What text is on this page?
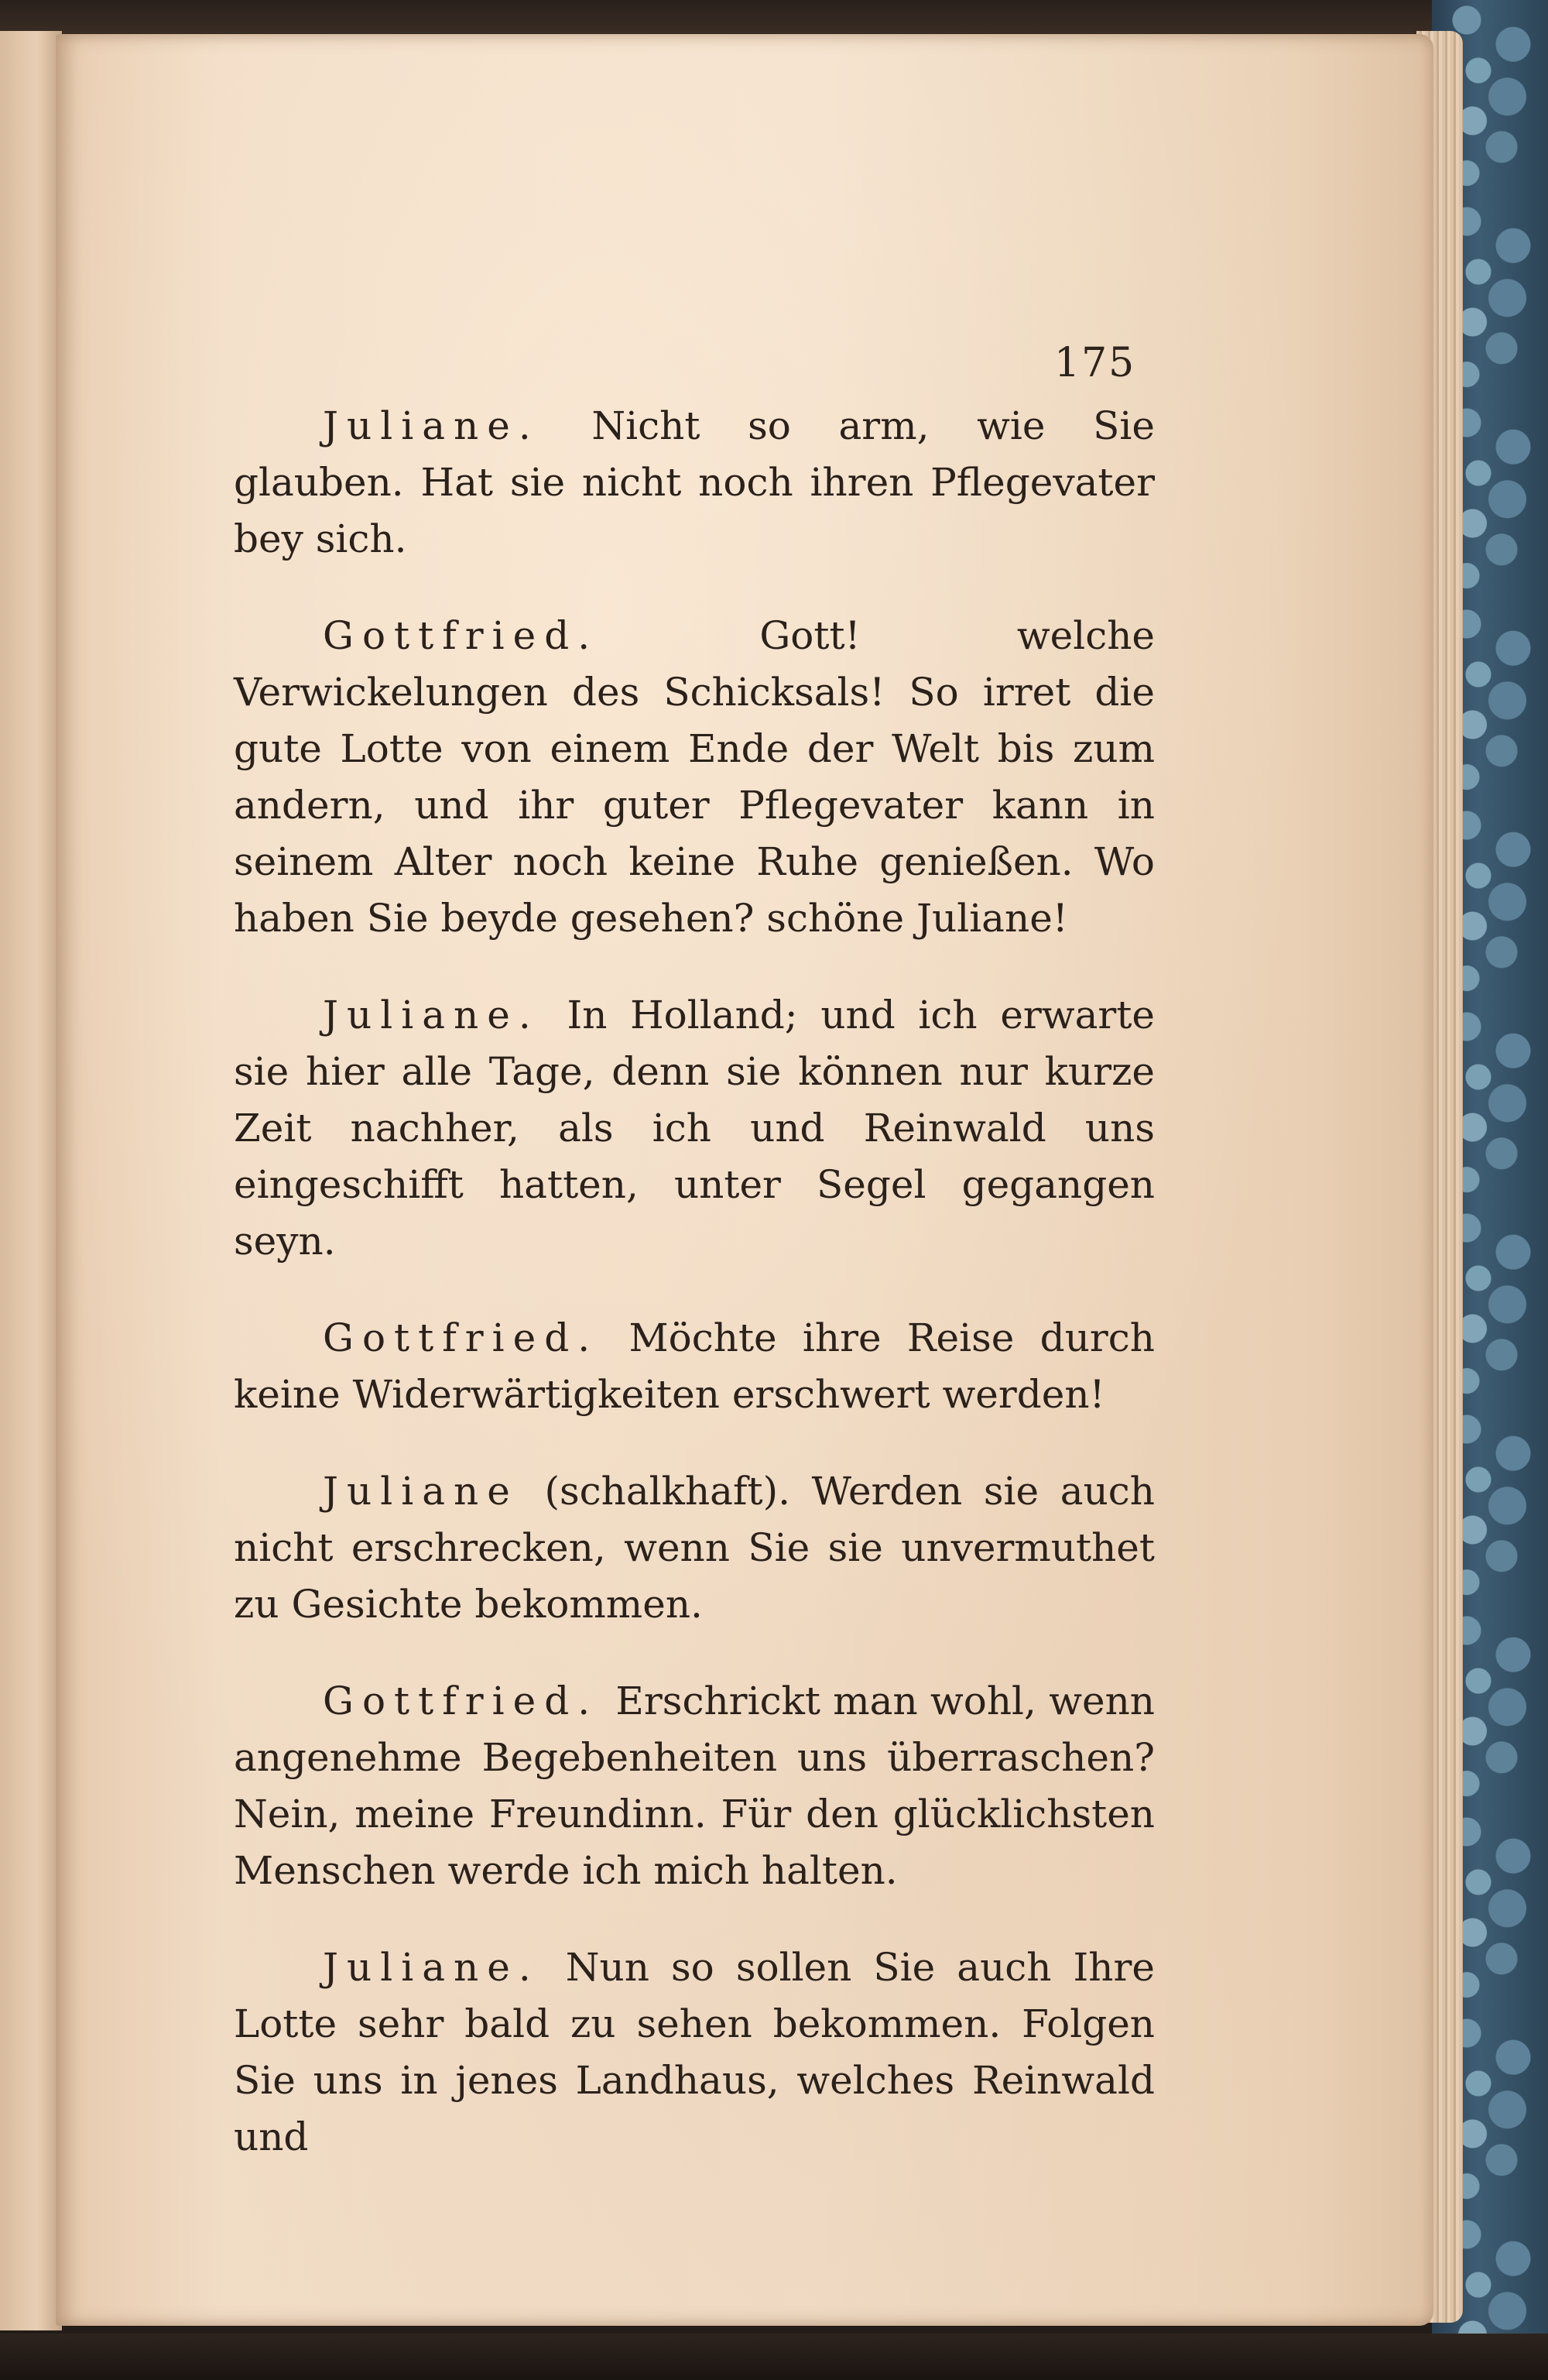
175

Juliane. Nicht so arm, wie Sie glauben. Hat sie nicht noch ihren Pflegevater bey sich.

Gottfried.	Gott! welche Verwickelungen des Schicksals! So irret die gute Lotte von einem Ende der Welt bis zum andern, und ihr guter Pflegevater kann in seinem Alter noch keine Ruhe genießen. Wo haben Sie beyde gesehen? schöne Juliane!

Juliane. In Holland; und ich erwarte sie hier alle Tage, denn sie können nur kurze Zeit nachher, als ich und Reinwald uns eingeschifft hatten, unter Segel gegangen seyn.

Gottfried. Möchte ihre Reise durch keine Widerwärtigkeiten erschwert werden!

Juliane (schalkhaft). Werden sie auch nicht erschrecken, wenn Sie sie unvermuthet zu Gesichte bekommen.

Gottfried. Erschrickt man wohl, wenn angenehme Begebenheiten uns überraschen? Nein, meine Freundinn. Für den glücklichsten Menschen werde ich mich halten.

Juliane. Nun so sollen Sie auch Ihre Lotte sehr bald zu sehen bekommen. Folgen Sie uns in jenes Landhaus, welches Reinwald und
